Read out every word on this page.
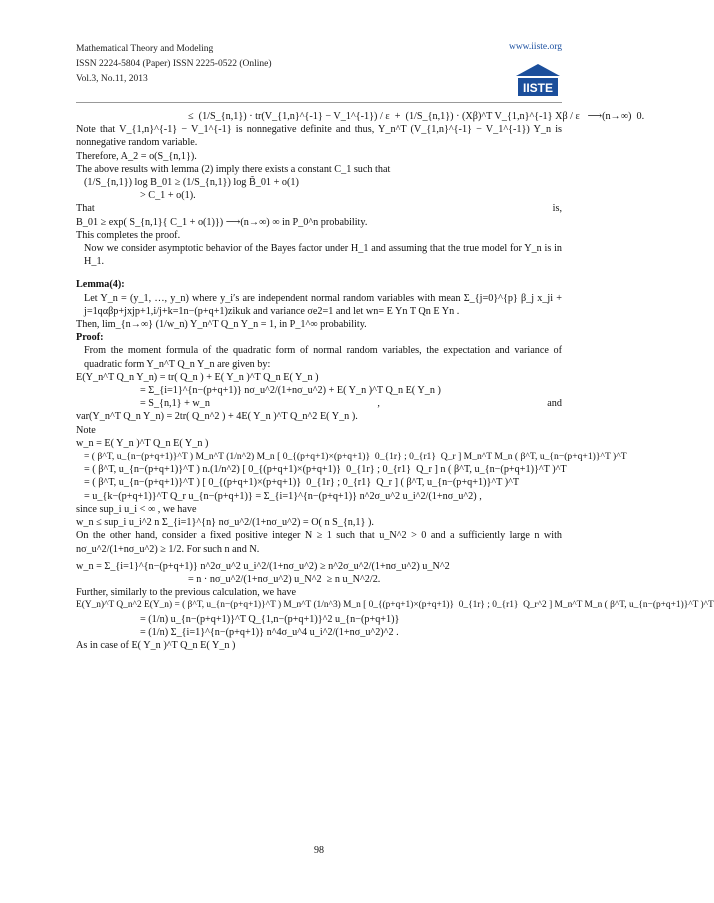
Mathematical Theory and Modeling
ISSN 2224-5804 (Paper) ISSN 2225-0522 (Online)
Vol.3, No.11, 2013
www.iiste.org
IISTE

≤  (1/S_{n,1}) · tr(V_{1,n}^{-1} − V_1^{-1}) / ε  +  (1/S_{n,1}) · (Xβ)^T V_{1,n}^{-1} Xβ / ε   ⟶(n→∞)  0.

Note that V_{1,n}^{-1} − V_1^{-1} is nonnegative definite and thus, Y_n^T (V_{1,n}^{-1} − V_1^{-1}) Y_n is nonnegative random variable.

Therefore, A_2 = o(S_{n,1}).

The above results with lemma (2) imply there exists a constant C_1 such that

(1/S_{n,1}) log B_01 ≥ (1/S_{n,1}) log B̃_01 + o(1)

> C_1 + o(1).

That	is,

B_01 ≥ exp( S_{n,1}{ C_1 + o(1)}) ⟶(n→∞) ∞ in P_0^n probability.

This completes the proof.

Now we consider asymptotic behavior of the Bayes factor under H_1 and assuming that the true model for Y_n is in H_1.

Lemma(4):

Let Y_n = (y_1, …, y_n) where y_i′s are independent normal random variables with mean Σ_{j=0}^{p} β_j x_ji + j=1qαβp+jxjp+1,i/j+k=1n−(p+q+1)zikuk and variance σe2=1 and let wn= E Yn T Qn E Yn .

Then, lim_{n→∞} (1/w_n) Y_n^T Q_n Y_n = 1, in P_1^∞ probability.

Proof:

From the moment formula of the quadratic form of normal random variables, the expectation and variance of quadratic form Y_n^T Q_n Y_n are given by:

E(Y_n^T Q_n Y_n) = tr( Q_n ) + E( Y_n )^T Q_n E( Y_n )

= Σ_{i=1}^{n−(p+q+1)} nσ_u^2/(1+nσ_u^2) + E( Y_n )^T Q_n E( Y_n )

= S_{n,1} + w_n	,	and

var(Y_n^T Q_n Y_n) = 2tr( Q_n^2 ) + 4E( Y_n )^T Q_n^2 E( Y_n ).

Note

w_n = E( Y_n )^T Q_n E( Y_n )

= ( β^T, u_{n−(p+q+1)}^T ) M_n^T (1/n^2) M_n [ 0_{(p+q+1)×(p+q+1)}  0_{1r} ; 0_{r1}  Q_r ] M_n^T M_n ( β^T, u_{n−(p+q+1)}^T )^T

= ( β^T, u_{n−(p+q+1)}^T ) n.(1/n^2) [ 0_{(p+q+1)×(p+q+1)}  0_{1r} ; 0_{r1}  Q_r ] n ( β^T, u_{n−(p+q+1)}^T )^T

= ( β^T, u_{n−(p+q+1)}^T ) [ 0_{(p+q+1)×(p+q+1)}  0_{1r} ; 0_{r1}  Q_r ] ( β^T, u_{n−(p+q+1)}^T )^T

= u_{k−(p+q+1)}^T Q_r u_{n−(p+q+1)} = Σ_{i=1}^{n−(p+q+1)} n^2σ_u^2 u_i^2/(1+nσ_u^2) ,

since sup_i u_i < ∞ , we have

w_n ≤ sup_i u_i^2 n Σ_{i=1}^{n} nσ_u^2/(1+nσ_u^2) = O( n S_{n,1} ).

On the other hand, consider a fixed positive integer N ≥ 1 such that u_N^2 > 0 and a sufficiently large n with nσ_u^2/(1+nσ_u^2) ≥ 1/2. For such n and N.

w_n = Σ_{i=1}^{n−(p+q+1)} n^2σ_u^2 u_i^2/(1+nσ_u^2) ≥ n^2σ_u^2/(1+nσ_u^2) u_N^2

= n · nσ_u^2/(1+nσ_u^2) u_N^2  ≥ n u_N^2/2.

Further, similarly to the previous calculation, we have

E(Y_n)^T Q_n^2 E(Y_n) = ( β^T, u_{n−(p+q+1)}^T ) M_n^T (1/n^3) M_n [ 0_{(p+q+1)×(p+q+1)}  0_{1r} ; 0_{r1}  Q_r^2 ] M_n^T M_n ( β^T, u_{n−(p+q+1)}^T )^T

= (1/n) u_{n−(p+q+1)}^T Q_{1,n−(p+q+1)}^2 u_{n−(p+q+1)}

= (1/n) Σ_{i=1}^{n−(p+q+1)} n^4σ_u^4 u_i^2/(1+nσ_u^2)^2 .

As in case of E( Y_n )^T Q_n E( Y_n )

98
